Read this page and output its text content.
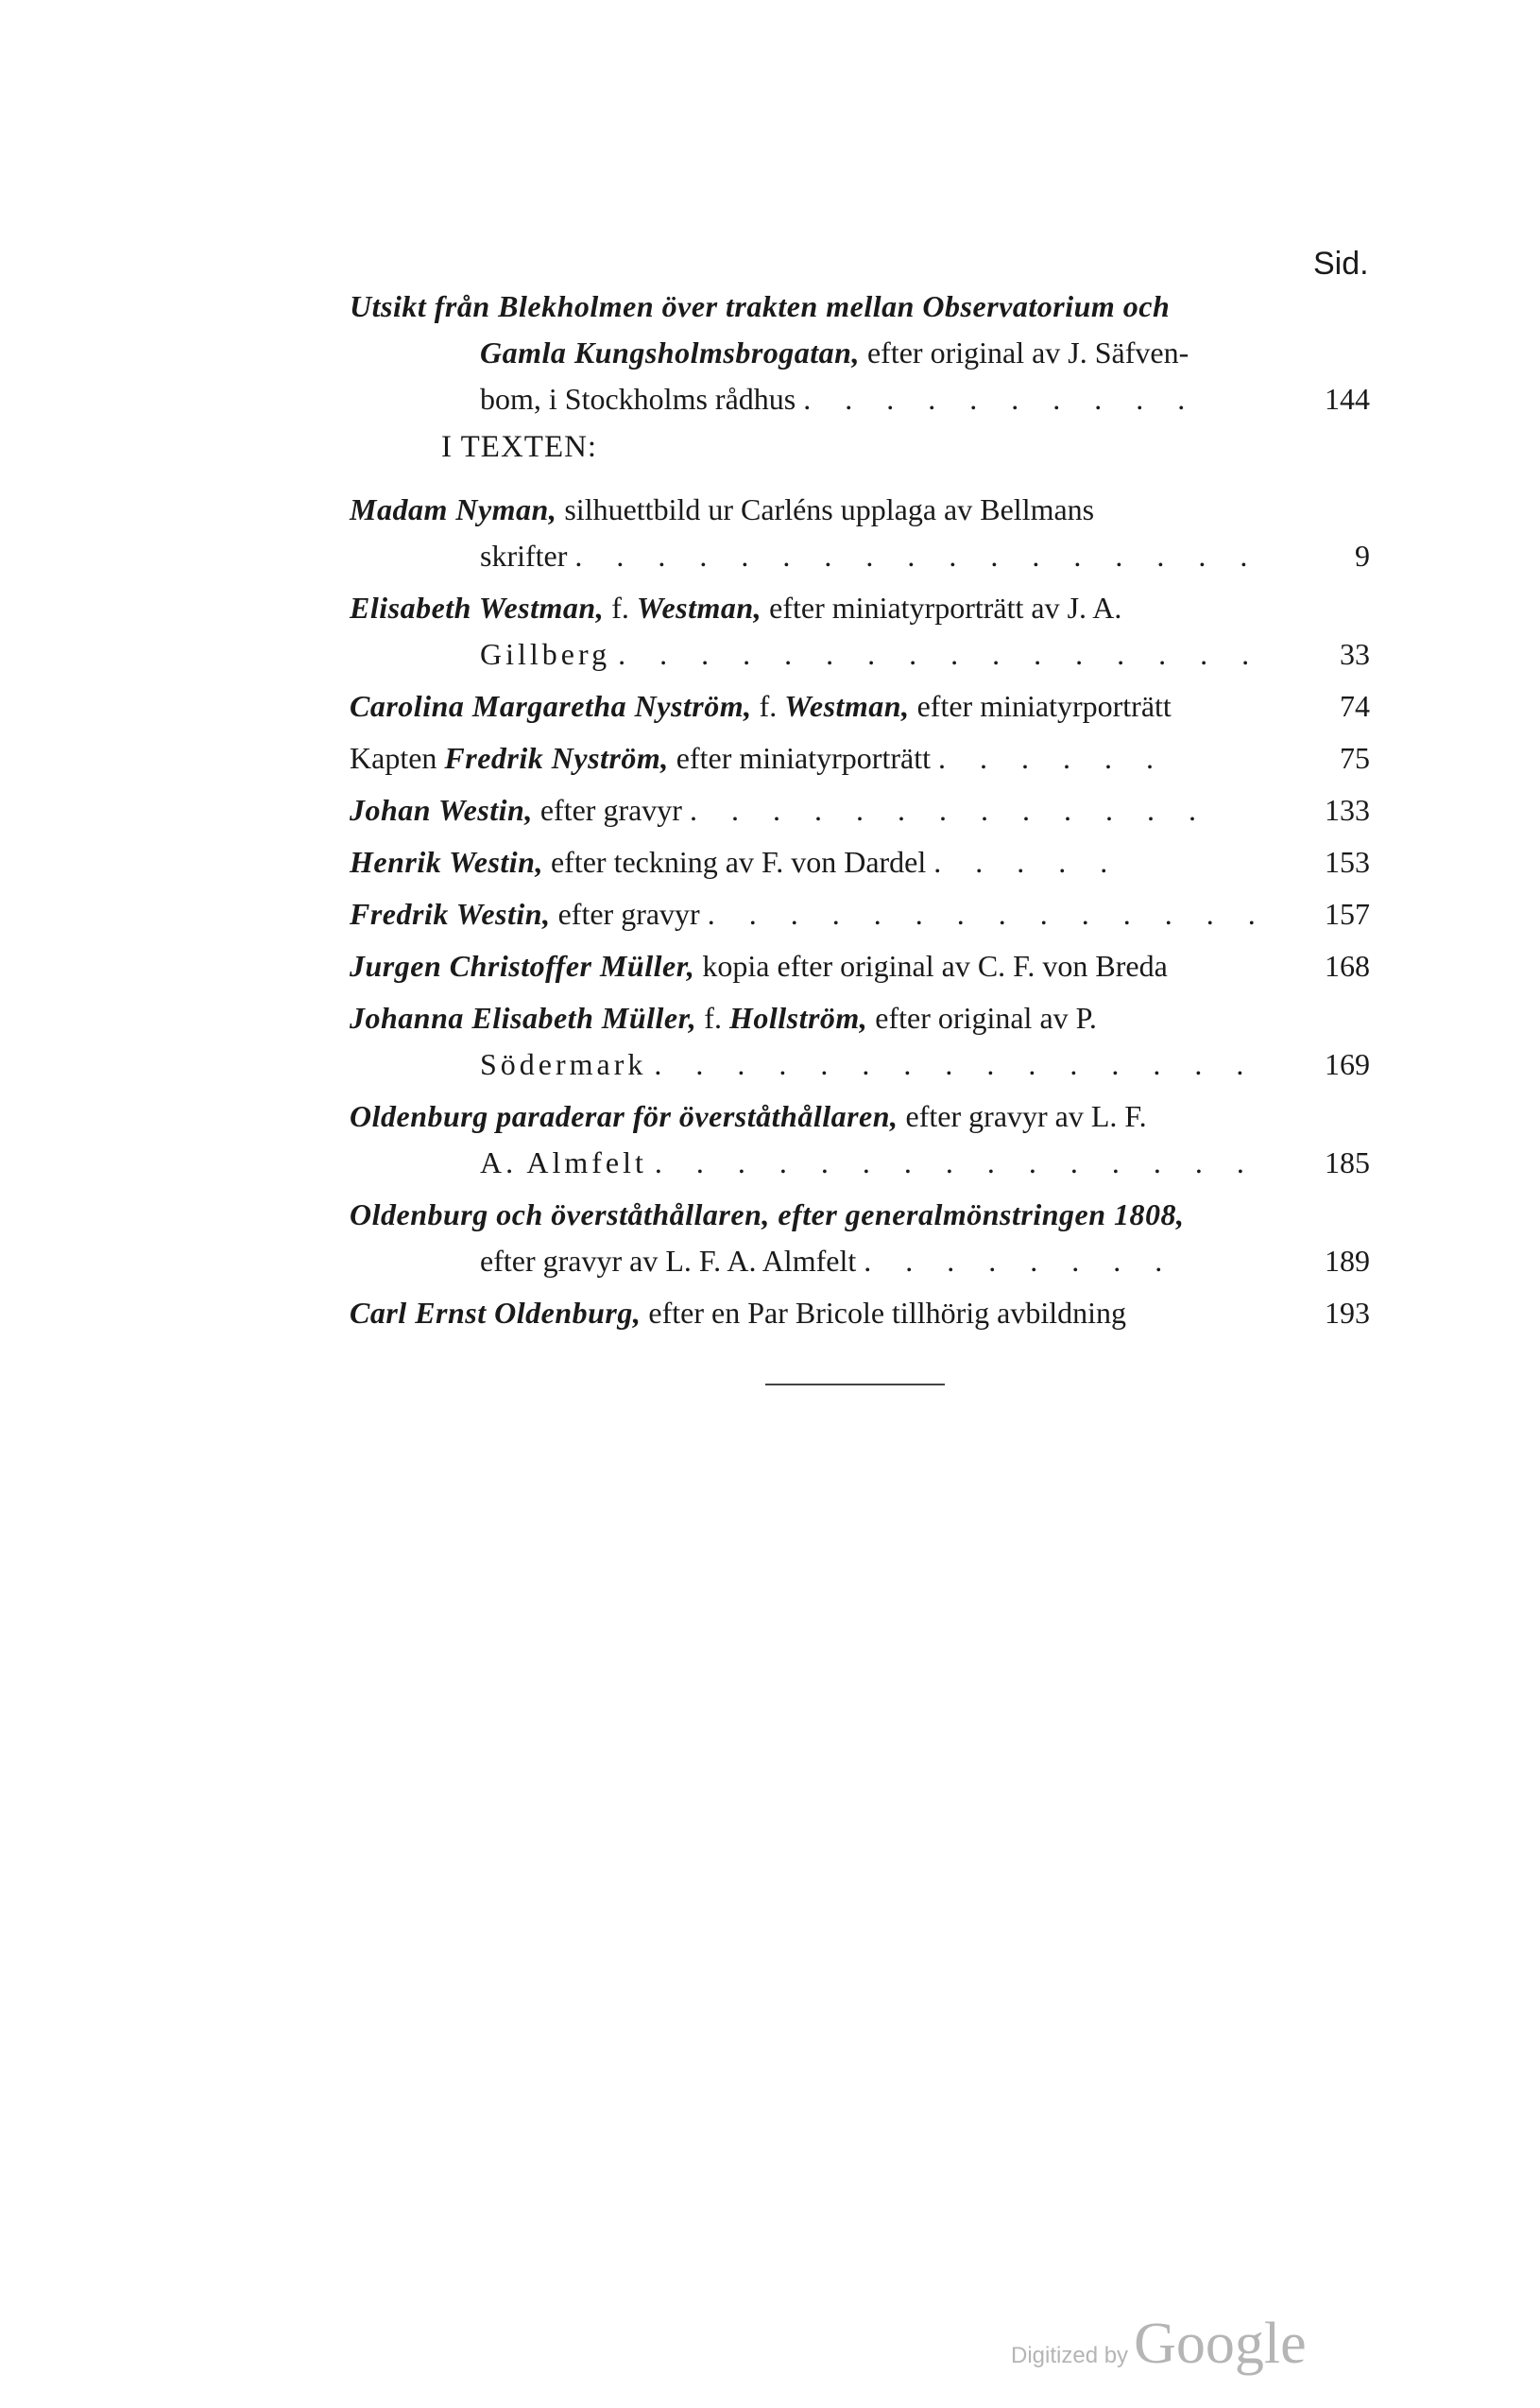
Sid.
Utsikt från Blekholmen över trakten mellan Observatorium och
Gamla Kungsholmsbrogatan, efter original av J. Säfven-
bom, i Stockholms rådhus . . . . . . . . . .	144
I TEXTEN:
Madam Nyman, silhuettbild ur Carléns upplaga av Bellmans
skrifter . . . . . . . . . . . . . . . . .	9
Elisabeth Westman, f. Westman, efter miniatyrporträtt av J. A.
Gillberg . . . . . . . . . . . . . . . .	33
Carolina Margaretha Nyström, f. Westman, efter miniatyrporträtt	74
Kapten Fredrik Nyström, efter miniatyrporträtt . . . . . .	75
Johan Westin, efter gravyr . . . . . . . . . . . . .	133
Henrik Westin, efter teckning av F. von Dardel . . . . .	153
Fredrik Westin, efter gravyr . . . . . . . . . . . . . .	157
Jurgen Christoffer Müller, kopia efter original av C. F. von Breda	168
Johanna Elisabeth Müller, f. Hollström, efter original av P.
Södermark . . . . . . . . . . . . . . .	169
Oldenburg paraderar för överståthållaren, efter gravyr av L. F.
A. Almfelt . . . . . . . . . . . . . . .	185
Oldenburg och överståthållaren, efter generalmönstringen 1808,
efter gravyr av L. F. A. Almfelt . . . . . . . .	189
Carl Ernst Oldenburg, efter en Par Bricole tillhörig avbildning	193
Digitized byGoogle
